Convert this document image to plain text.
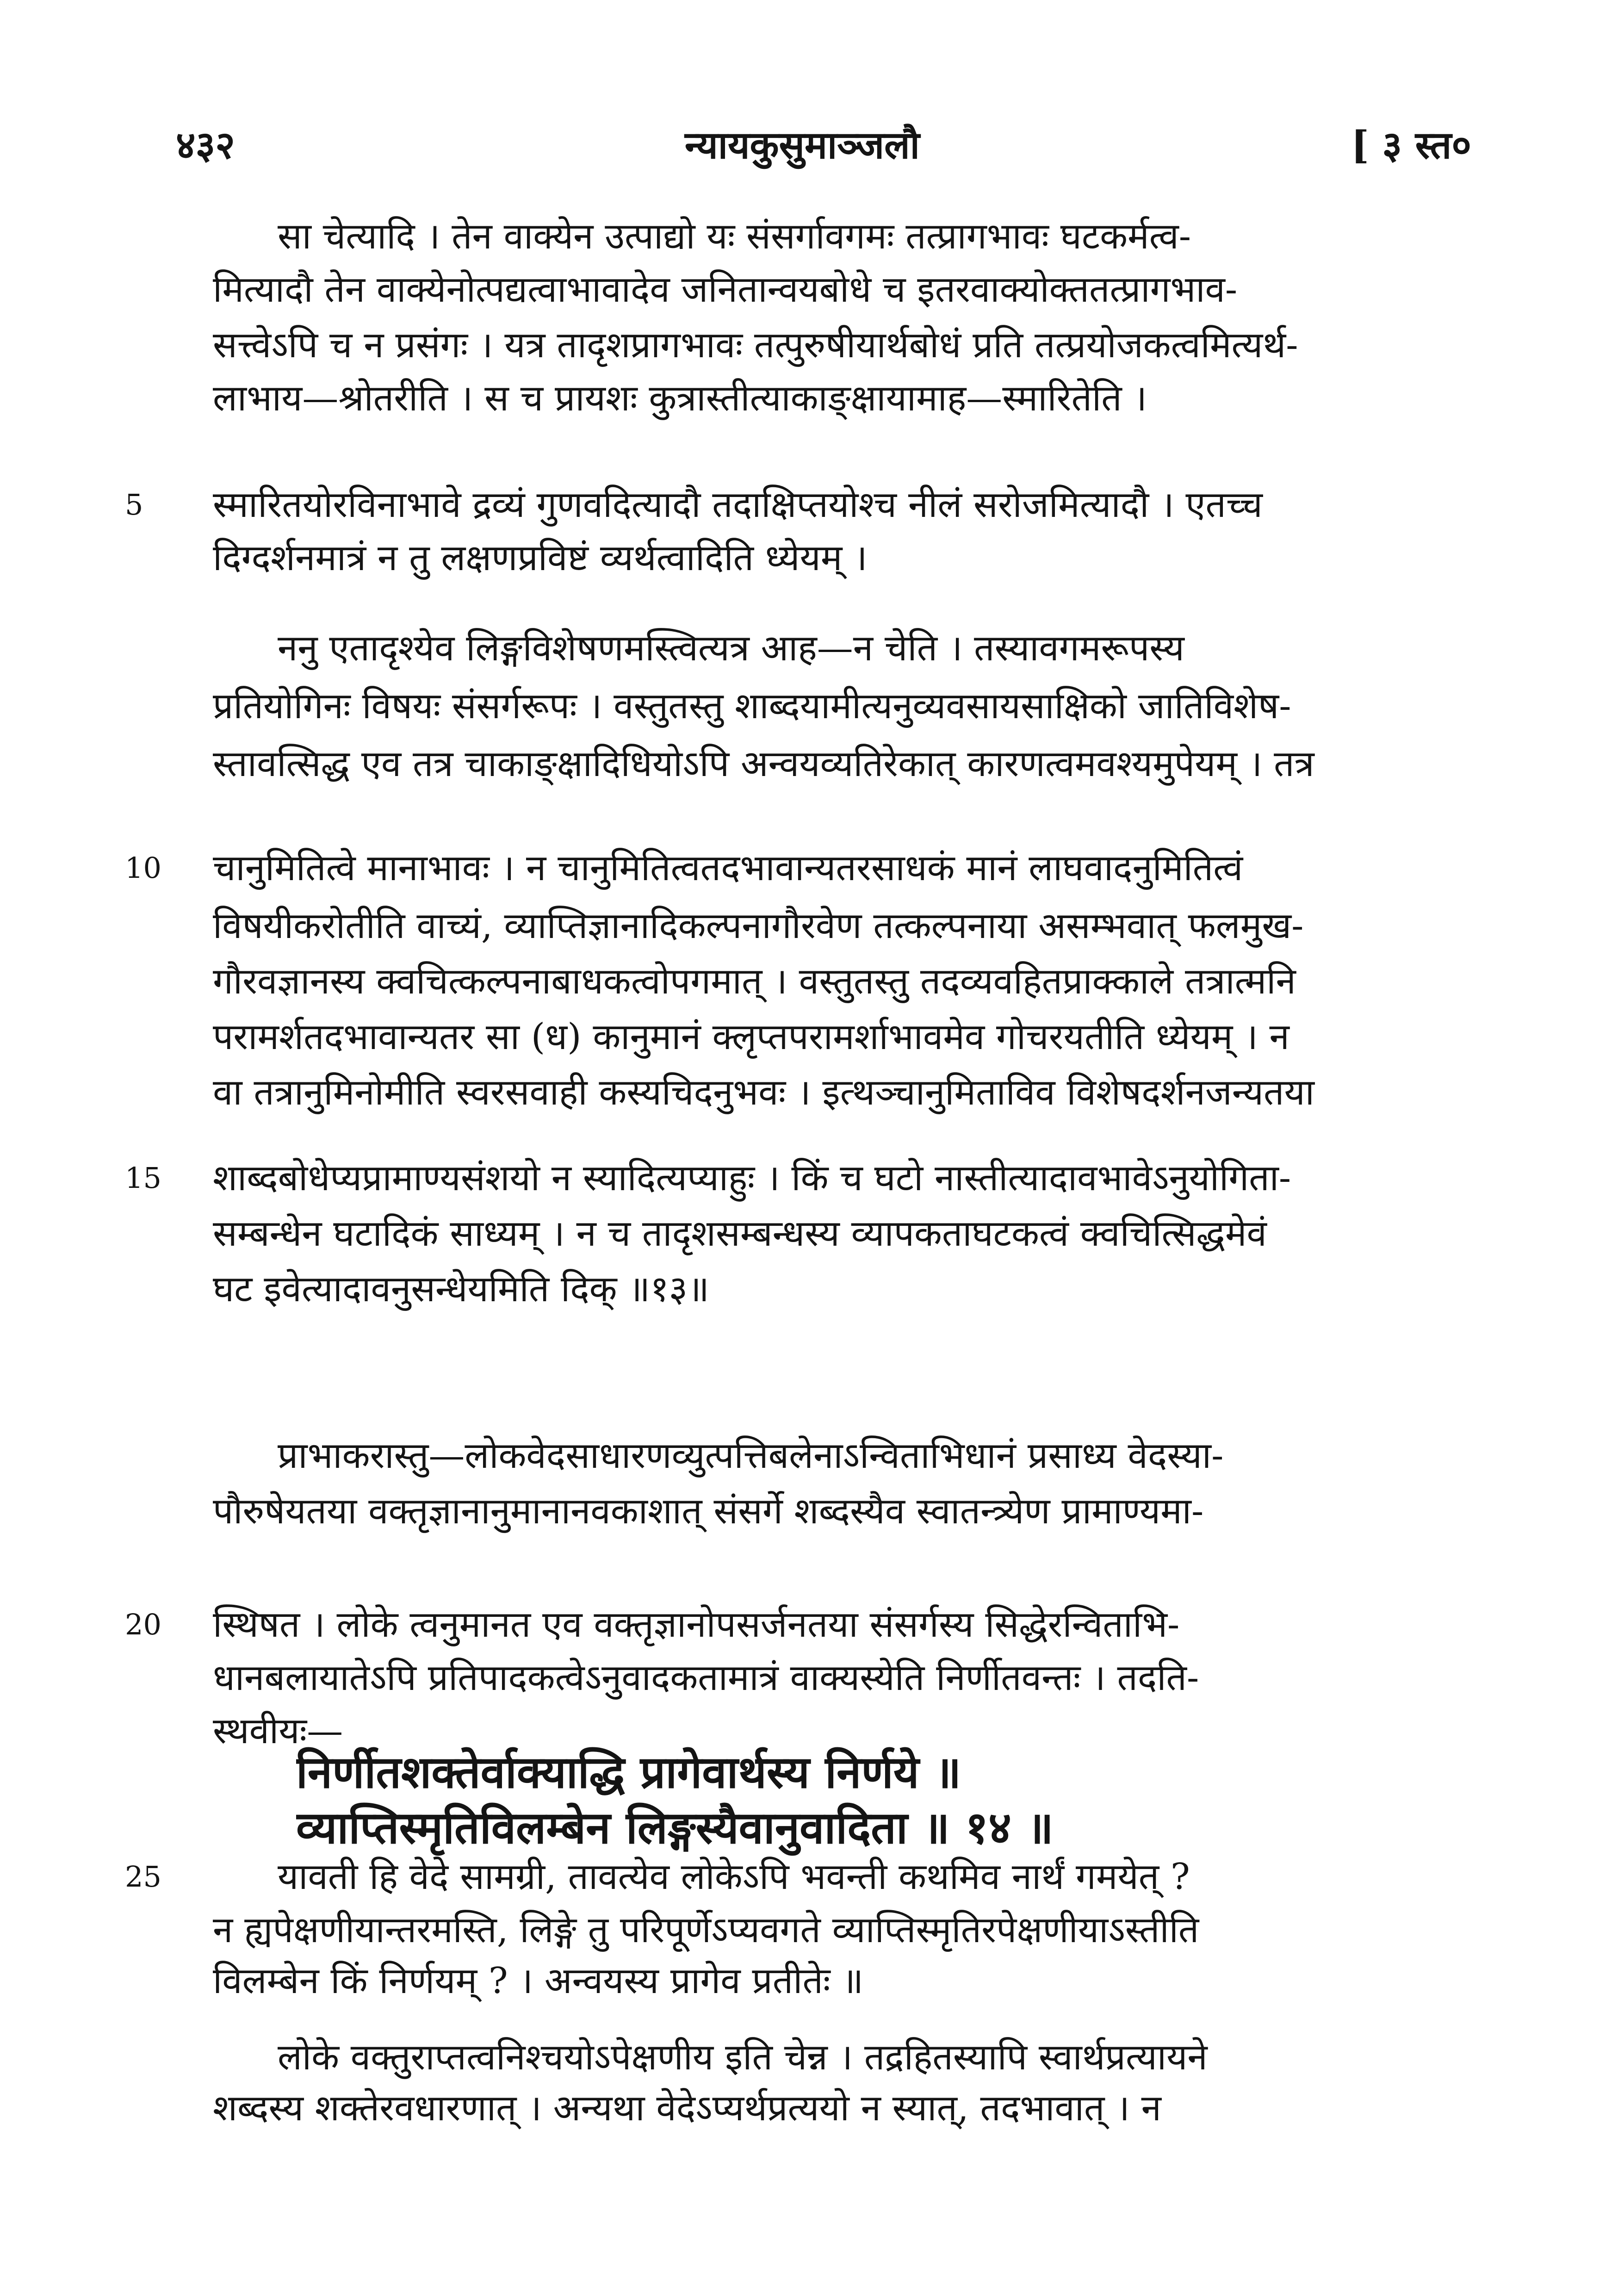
४३२	न्यायकुसुमाञ्जलौ	[ ३ स्त०
5
10
15
20
25
सा चेत्यादि । तेन वाक्येन उत्पाद्यो यः संसर्गावगमः तत्प्रागभावः घटकर्मत्व-
मित्यादौ तेन वाक्येनोत्पद्यत्वाभावादेव जनितान्वयबोधे च इतरवाक्योक्ततत्प्रागभाव-
सत्त्वेऽपि च न प्रसंगः । यत्र तादृशप्रागभावः तत्पुरुषीयार्थबोधं प्रति तत्प्रयोजकत्वमित्यर्थ-
लाभाय—श्रोतरीति । स च प्रायशः कुत्रास्तीत्याकाङ्क्षायामाह—स्मारितेति ।
स्मारितयोरविनाभावे द्रव्यं गुणवदित्यादौ तदाक्षिप्तयोश्च नीलं सरोजमित्यादौ । एतच्च
दिग्दर्शनमात्रं न तु लक्षणप्रविष्टं व्यर्थत्वादिति ध्येयम् ।
ननु एतादृश्येव लिङ्गविशेषणमस्त्वित्यत्र आह—न चेति । तस्यावगमरूपस्य
प्रतियोगिनः विषयः संसर्गरूपः । वस्तुतस्तु शाब्दयामीत्यनुव्यवसायसाक्षिको जातिविशेष-
स्तावत्सिद्ध एव तत्र चाकाङ्क्षादिधियोऽपि अन्वयव्यतिरेकात् कारणत्वमवश्यमुपेयम् । तत्र
चानुमितित्वे मानाभावः । न चानुमितित्वतदभावान्यतरसाधकं मानं लाघवादनुमितित्वं
विषयीकरोतीति वाच्यं, व्याप्तिज्ञानादिकल्पनागौरवेण तत्कल्पनाया असम्भवात् फलमुख-
गौरवज्ञानस्य क्वचित्कल्पनाबाधकत्वोपगमात् । वस्तुतस्तु तदव्यवहितप्राक्काले तत्रात्मनि
परामर्शतदभावान्यतर सा (ध) कानुमानं क्लृप्तपरामर्शाभावमेव गोचरयतीति ध्येयम् । न
वा तत्रानुमिनोमीति स्वरसवाही कस्यचिदनुभवः । इत्थञ्चानुमिताविव विशेषदर्शनजन्यतया
शाब्दबोधेप्यप्रामाण्यसंशयो न स्यादित्यप्याहुः । किं च घटो नास्तीत्यादावभावेऽनुयोगिता-
सम्बन्धेन घटादिकं साध्यम् । न च तादृशसम्बन्धस्य व्यापकताघटकत्वं क्वचित्सिद्धमेवं
घट इवेत्यादावनुसन्धेयमिति दिक् ॥१३॥
प्राभाकरास्तु—लोकवेदसाधारणव्युत्पत्तिबलेनाऽन्विताभिधानं प्रसाध्य वेदस्या-
पौरुषेयतया वक्तृज्ञानानुमानानवकाशात् संसर्गे शब्दस्यैव स्वातन्त्र्येण प्रामाण्यमा-
स्थिषत । लोके त्वनुमानत एव वक्तृज्ञानोपसर्जनतया संसर्गस्य सिद्धेरन्विताभि-
धानबलायातेऽपि प्रतिपादकत्वेऽनुवादकतामात्रं वाक्यस्येति निर्णीतवन्तः । तदति-
स्थवीयः—
निर्णीतशक्तेर्वाक्याद्धि प्रागेवार्थस्य निर्णये ॥
व्याप्तिस्मृतिविलम्बेन लिङ्गस्यैवानुवादिता ॥ १४ ॥
यावती हि वेदे सामग्री, तावत्येव लोकेऽपि भवन्ती कथमिव नार्थं गमयेत् ?
न ह्यपेक्षणीयान्तरमस्ति, लिङ्गे तु परिपूर्णेऽप्यवगते व्याप्तिस्मृतिरपेक्षणीयाऽस्तीति
विलम्बेन किं निर्णयम् ? । अन्वयस्य प्रागेव प्रतीतेः ॥
लोके वक्तुराप्तत्वनिश्चयोऽपेक्षणीय इति चेन्न । तद्रहितस्यापि स्वार्थप्रत्यायने
शब्दस्य शक्तेरवधारणात् । अन्यथा वेदेऽप्यर्थप्रत्ययो न स्यात्, तदभावात् । न
